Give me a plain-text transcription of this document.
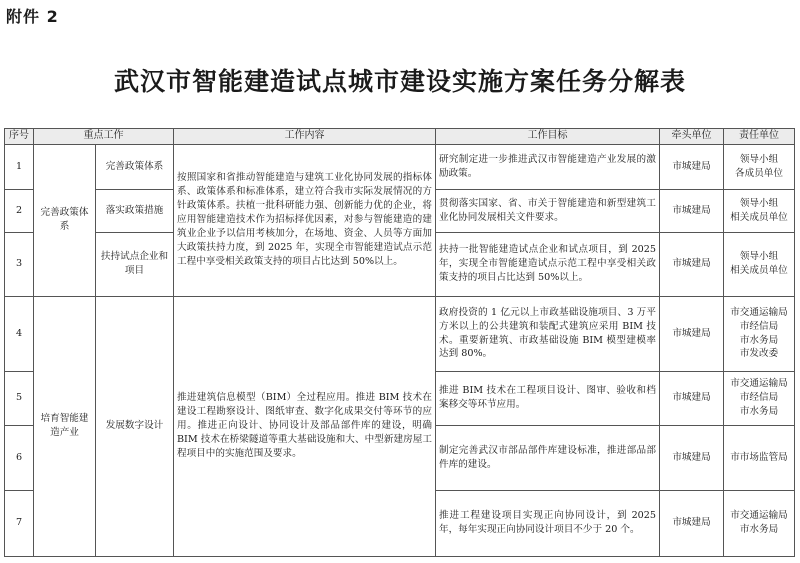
附件 2
武汉市智能建造试点城市建设实施方案任务分解表
序号	重点工作		工作内容	工作目标	牵头单位	责任单位
1	完善政策体系	完善政策体系	按照国家和省推动智能建造与建筑工业化协同发展的指标体系、政策体系和标准体系，建立符合我市实际发展情况的方针政策体系。扶植一批科研能力强、创新能力优的企业，将应用智能建造技术作为招标择优因素，对参与智能建造的建筑业企业予以信用考核加分，在场地、资金、人员等方面加大政策扶持力度，到 2025 年，实现全市智能建造试点示范工程中享受相关政策支持的项目占比达到 50%以上。	研究制定进一步推进武汉市智能建造产业发展的激励政策。	市城建局	领导小组
各成员单位

2		落实政策措施		贯彻落实国家、省、市关于智能建造和新型建筑工业化协同发展相关文件要求。	市城建局	领导小组
相关成员单位

3		扶持试点企业和项目		扶持一批智能建造试点企业和试点项目，到 2025 年，实现全市智能建造试点示范工程中享受相关政策支持的项目占比达到 50%以上。	市城建局	领导小组
相关成员单位

4	培育智能建造产业	发展数字设计	推进建筑信息模型（BIM）全过程应用。推进 BIM 技术在建设工程勘察设计、图纸审查、数字化成果交付等环节的应用。推进正向设计、协同设计及部品部件库的建设，明确 BIM 技术在桥梁隧道等重大基础设施和大、中型新建房屋工程项目中的实施范围及要求。	政府投资的 1 亿元以上市政基础设施项目、3 万平方米以上的公共建筑和装配式建筑应采用 BIM 技术。重要新建筑、市政基础设施 BIM 模型建模率达到 80%。	市城建局	市交通运输局
市经信局
市水务局
市发改委

5				推进 BIM 技术在工程项目设计、图审、验收和档案移交等环节应用。	市城建局	市交通运输局
市经信局
市水务局

6				制定完善武汉市部品部件库建设标准，推进部品部件库的建设。	市城建局	市市场监管局

7				推进工程建设项目实现正向协同设计，到 2025 年，每年实现正向协同设计项目不少于 20 个。	市城建局	市交通运输局
市水务局
